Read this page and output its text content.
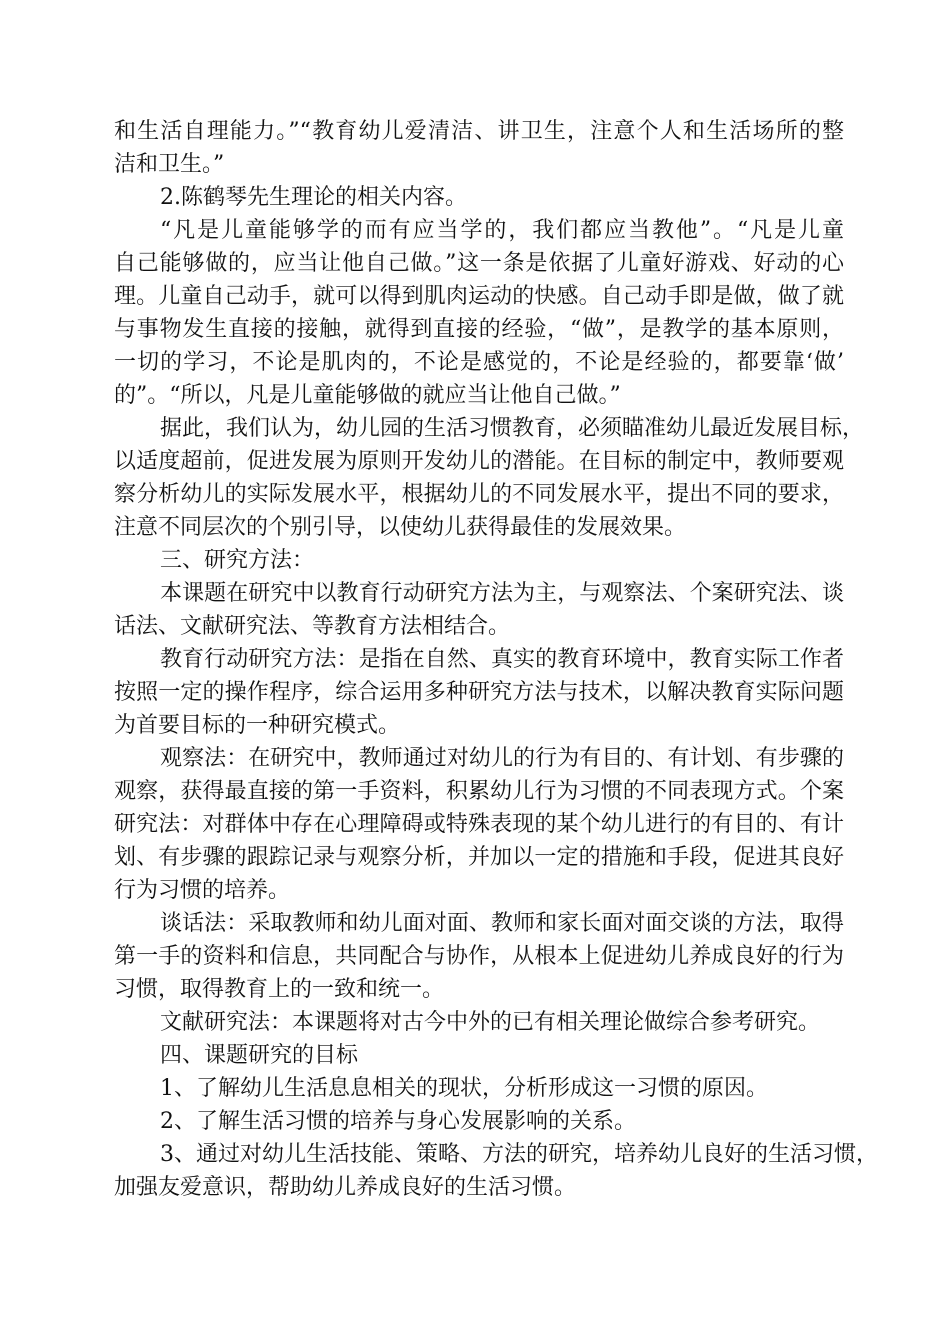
和生活自理能力。”“教育幼儿爱清洁、讲卫生，注意个人和生活场所的整
洁和卫生。”
2.陈鹤琴先生理论的相关内容。
“凡是儿童能够学的而有应当学的，我们都应当教他”。“凡是儿童
自己能够做的，应当让他自己做。”这一条是依据了儿童好游戏、好动的心
理。儿童自己动手，就可以得到肌肉运动的快感。自己动手即是做，做了就
与事物发生直接的接触，就得到直接的经验，“做”，是教学的基本原则，
一切的学习，不论是肌肉的，不论是感觉的，不论是经验的，都要靠‘做’
的”。“所以，凡是儿童能够做的就应当让他自己做。”
据此，我们认为，幼儿园的生活习惯教育，必须瞄准幼儿最近发展目标，
以适度超前，促进发展为原则开发幼儿的潜能。在目标的制定中，教师要观
察分析幼儿的实际发展水平，根据幼儿的不同发展水平，提出不同的要求，
注意不同层次的个别引导，以使幼儿获得最佳的发展效果。
三、研究方法：
本课题在研究中以教育行动研究方法为主，与观察法、个案研究法、谈
话法、文献研究法、等教育方法相结合。
教育行动研究方法：是指在自然、真实的教育环境中，教育实际工作者
按照一定的操作程序，综合运用多种研究方法与技术，以解决教育实际问题
为首要目标的一种研究模式。
观察法：在研究中，教师通过对幼儿的行为有目的、有计划、有步骤的
观察，获得最直接的第一手资料，积累幼儿行为习惯的不同表现方式。个案
研究法：对群体中存在心理障碍或特殊表现的某个幼儿进行的有目的、有计
划、有步骤的跟踪记录与观察分析，并加以一定的措施和手段，促进其良好
行为习惯的培养。
谈话法：采取教师和幼儿面对面、教师和家长面对面交谈的方法，取得
第一手的资料和信息，共同配合与协作，从根本上促进幼儿养成良好的行为
习惯，取得教育上的一致和统一。
文献研究法：本课题将对古今中外的已有相关理论做综合参考研究。
四、课题研究的目标
1、了解幼儿生活息息相关的现状，分析形成这一习惯的原因。
2、了解生活习惯的培养与身心发展影响的关系。
3、通过对幼儿生活技能、策略、方法的研究，培养幼儿良好的生活习惯，
加强友爱意识，帮助幼儿养成良好的生活习惯。
